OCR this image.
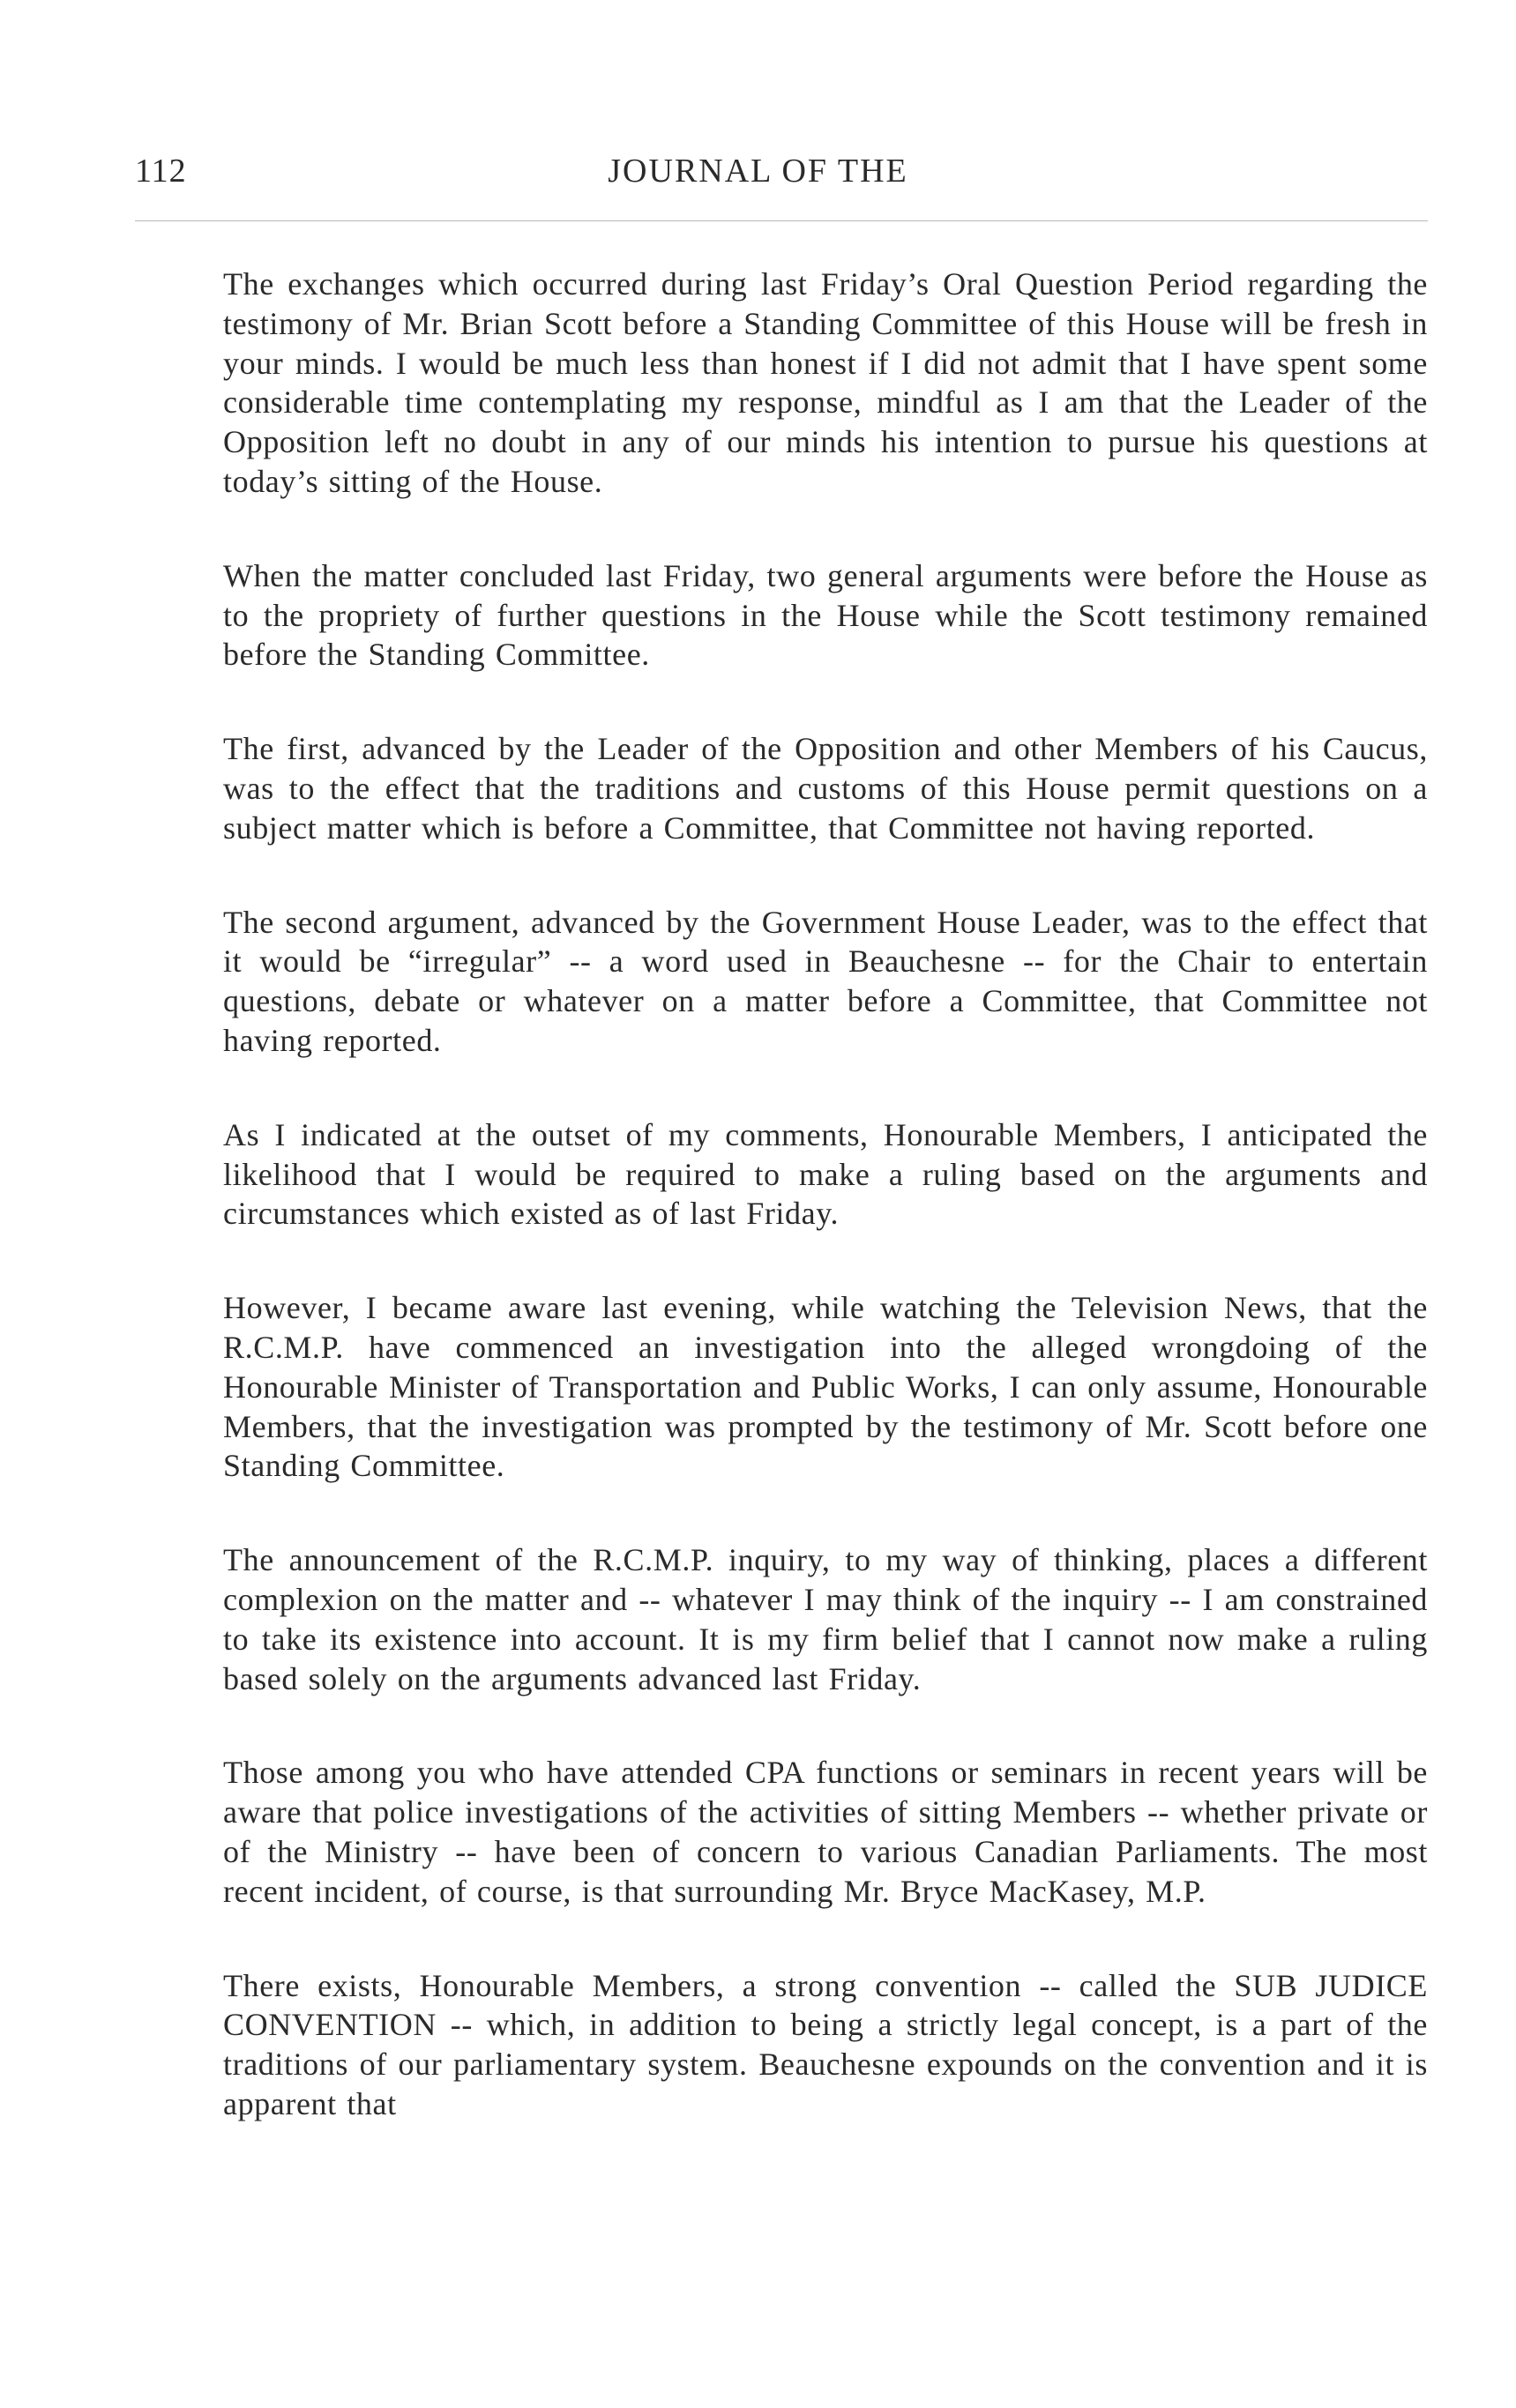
112	JOURNAL OF THE

The exchanges which occurred during last Friday’s Oral Question Period regarding the testimony of Mr. Brian Scott before a Standing Committee of this House will be fresh in your minds. I would be much less than honest if I did not admit that I have spent some considerable time contemplating my response, mindful as I am that the Leader of the Opposition left no doubt in any of our minds his intention to pursue his questions at today’s sitting of the House.

When the matter concluded last Friday, two general arguments were before the House as to the propriety of further questions in the House while the Scott testimony remained before the Standing Committee.

The first, advanced by the Leader of the Opposition and other Members of his Caucus, was to the effect that the traditions and customs of this House permit questions on a subject matter which is before a Committee, that Committee not having reported.

The second argument, advanced by the Government House Leader, was to the effect that it would be “irregular” -- a word used in Beauchesne -- for the Chair to entertain questions, debate or whatever on a matter before a Committee, that Committee not having reported.

As I indicated at the outset of my comments, Honourable Members, I anticipated the likelihood that I would be required to make a ruling based on the arguments and circumstances which existed as of last Friday.

However, I became aware last evening, while watching the Television News, that the R.C.M.P. have commenced an investigation into the alleged wrongdoing of the Honourable Minister of Transportation and Public Works, I can only assume, Honourable Members, that the investigation was prompted by the testimony of Mr. Scott before one Standing Committee.

The announcement of the R.C.M.P. inquiry, to my way of thinking, places a different complexion on the matter and -- whatever I may think of the inquiry -- I am constrained to take its existence into account. It is my firm belief that I cannot now make a ruling based solely on the arguments advanced last Friday.

Those among you who have attended CPA functions or seminars in recent years will be aware that police investigations of the activities of sitting Members -- whether private or of the Ministry -- have been of concern to various Canadian Parliaments. The most recent incident, of course, is that surrounding Mr. Bryce MacKasey, M.P.

There exists, Honourable Members, a strong convention -- called the SUB JUDICE CONVENTION -- which, in addition to being a strictly legal concept, is a part of the traditions of our parliamentary system. Beauchesne expounds on the convention and it is apparent that
